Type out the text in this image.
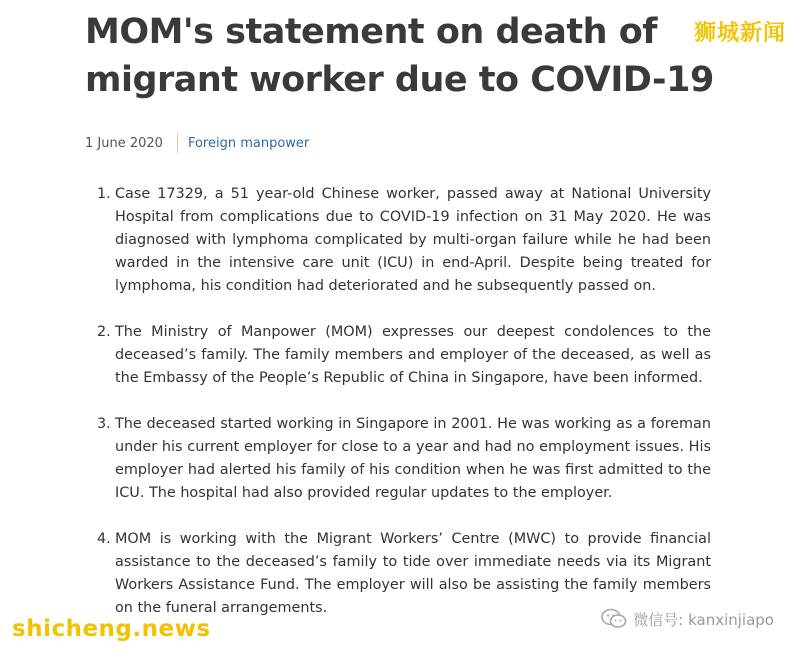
MOM's statement on death of migrant worker due to COVID-19
狮城新闻
1 June 2020 Foreign manpower
1. Case 17329, a 51 year-old Chinese worker, passed away at National University Hospital from complications due to COVID-19 infection on 31 May 2020. He was diagnosed with lymphoma complicated by multi-organ failure while he had been warded in the intensive care unit (ICU) in end-April. Despite being treated for lymphoma, his condition had deteriorated and he subsequently passed on.
2. The Ministry of Manpower (MOM) expresses our deepest condolences to the deceased’s family. The family members and employer of the deceased, as well as the Embassy of the People’s Republic of China in Singapore, have been informed.
3. The deceased started working in Singapore in 2001. He was working as a foreman under his current employer for close to a year and had no employment issues. His employer had alerted his family of his condition when he was first admitted to the ICU. The hospital had also provided regular updates to the employer.
4. MOM is working with the Migrant Workers’ Centre (MWC) to provide financial assistance to the deceased’s family to tide over immediate needs via its Migrant Workers Assistance Fund. The employer will also be assisting the family members on the funeral arrangements.
shicheng.news	微信号: kanxinjiapo
